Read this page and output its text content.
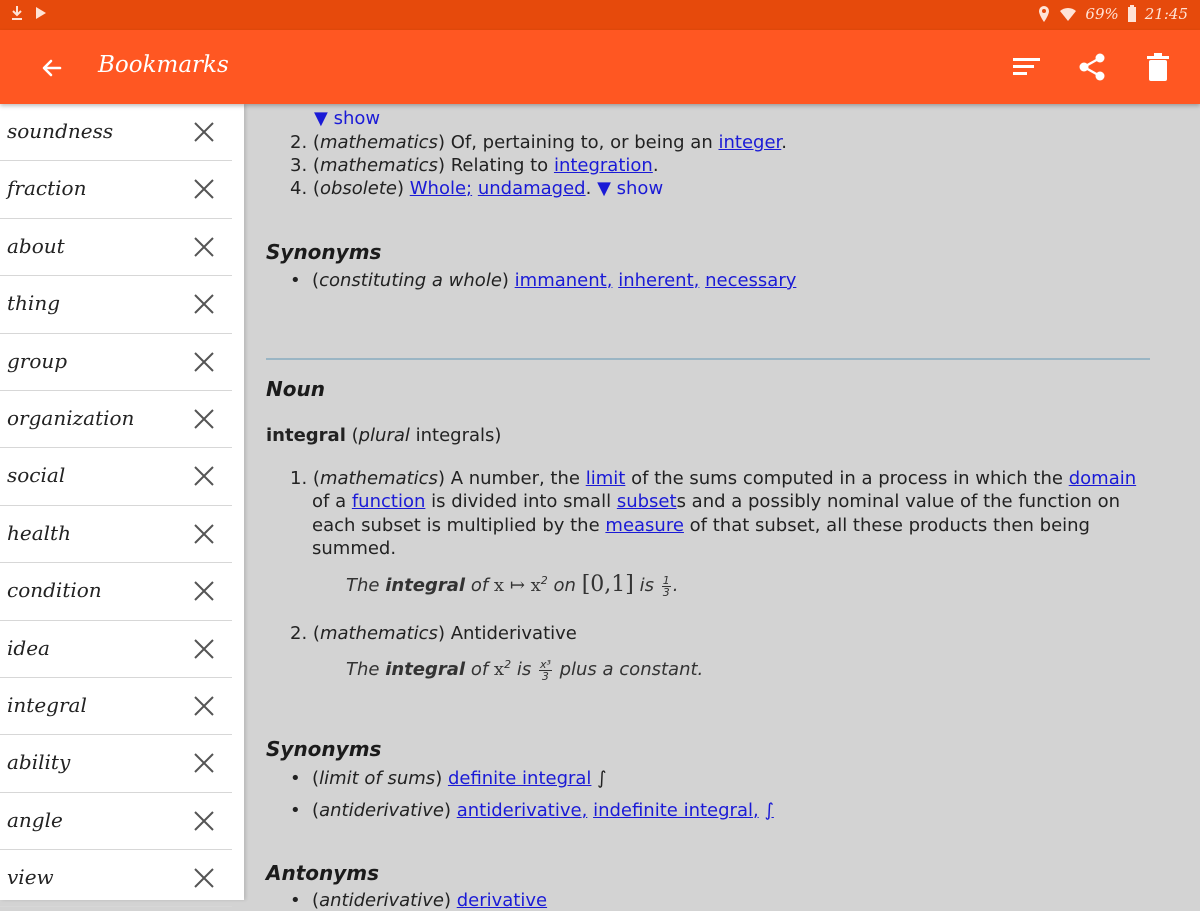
69% 21:45
Bookmarks
soundness
fraction
about
thing
group
organization
social
health
condition
idea
integral
ability
angle
view

▼ show
2. (mathematics) Of, pertaining to, or being an integer.
3. (mathematics) Relating to integration.
4. (obsolete) Whole; undamaged. ▼ show
Synonyms
•  (constituting a whole) immanent, inherent, necessary
Noun
integral (plural integrals)
1. (mathematics) A number, the limit of the sums computed in a process in which the domain
of a function is divided into small subsets and a possibly nominal value of the function on
each subset is multiplied by the measure of that subset, all these products then being
summed.
The integral of x ↦ $x^2$ on [0,1] is $\frac{1}{3}$ .
2. (mathematics) Antiderivative
The integral of $x^2$ is $\frac{\text{x³}}{3}$ plus a constant.
Synonyms
•  (limit of sums) definite integral ∫
•  (antiderivative) antiderivative, indefinite integral, ∫
Antonyms
•  (antiderivative) derivative
